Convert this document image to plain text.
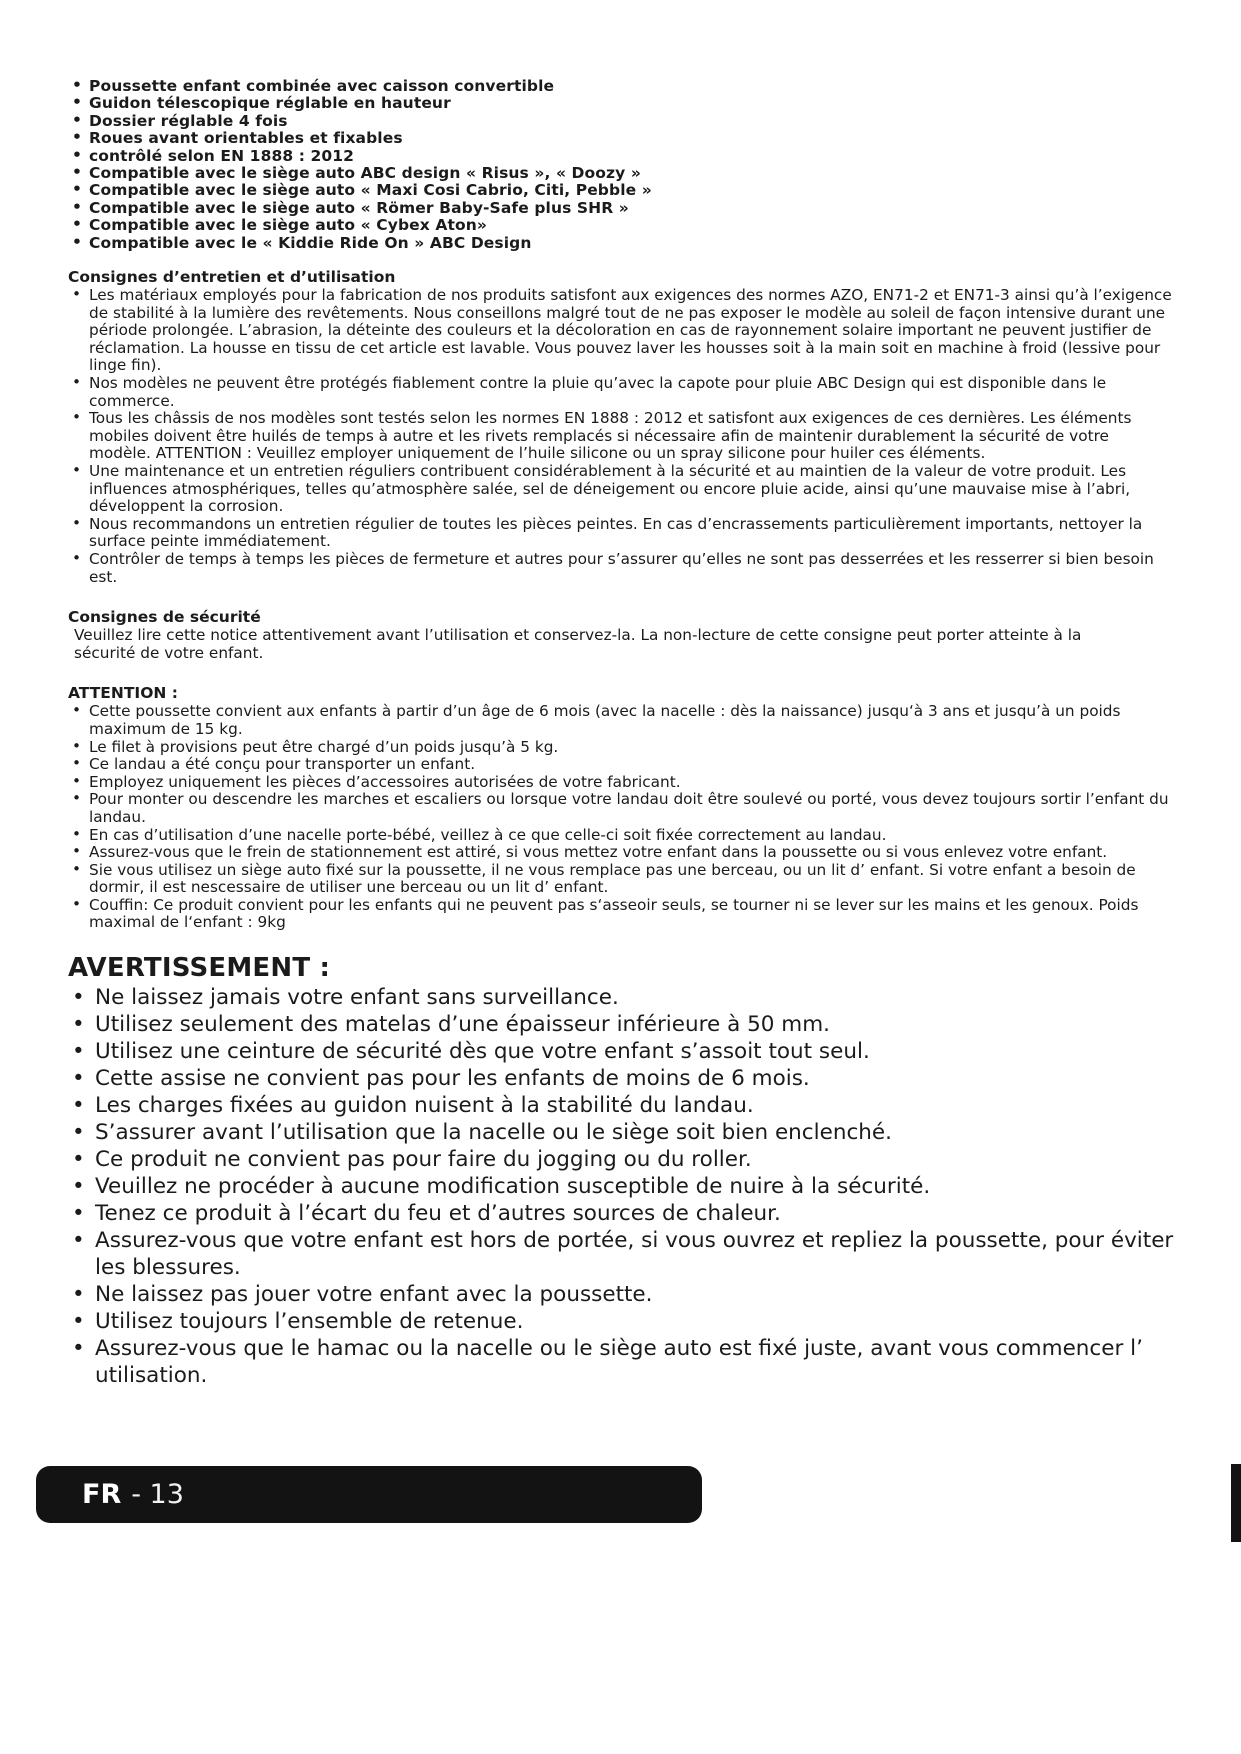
• Poussette enfant combinée avec caisson convertible
• Guidon télescopique réglable en hauteur
• Dossier réglable 4 fois
• Roues avant orientables et fixables
• contrôlé selon EN 1888 : 2012
• Compatible avec le siège auto ABC design « Risus », « Doozy »
• Compatible avec le siège auto « Maxi Cosi Cabrio, Citi, Pebble »
• Compatible avec le siège auto « Römer Baby-Safe plus SHR »
• Compatible avec le siège auto « Cybex Aton»
• Compatible avec le « Kiddie Ride On » ABC Design
Consignes d’entretien et d’utilisation
• Les matériaux employés pour la fabrication de nos produits satisfont aux exigences des normes AZO, EN71-2 et EN71-3 ainsi qu’à l’exigence de stabilité à la lumière des revêtements. Nous conseillons malgré tout de ne pas exposer le modèle au soleil de façon intensive durant une période prolongée. L’abrasion, la déteinte des couleurs et la décoloration en cas de rayonnement solaire important ne peuvent justifier de réclamation. La housse en tissu de cet article est lavable. Vous pouvez laver les housses soit à la main soit en machine à froid (lessive pour linge fin).
• Nos modèles ne peuvent être protégés fiablement contre la pluie qu’avec la capote pour pluie ABC Design qui est disponible dans le commerce.
• Tous les châssis de nos modèles sont testés selon les normes EN 1888 : 2012 et satisfont aux exigences de ces dernières. Les éléments mobiles doivent être huilés de temps à autre et les rivets remplacés si nécessaire afin de maintenir durablement la sécurité de votre modèle. ATTENTION : Veuillez employer uniquement de l’huile silicone ou un spray silicone pour huiler ces éléments.
• Une maintenance et un entretien réguliers contribuent considérablement à la sécurité et au maintien de la valeur de votre produit. Les influences atmosphériques, telles qu’atmosphère salée, sel de déneigement ou encore pluie acide, ainsi qu’une mauvaise mise à l’abri, développent la corrosion.
• Nous recommandons un entretien régulier de toutes les pièces peintes. En cas d’encrassements particulièrement importants, nettoyer la surface peinte immédiatement.
• Contrôler de temps à temps les pièces de fermeture et autres pour s’assurer qu’elles ne sont pas desserrées et les resserrer si bien besoin est.
Consignes de sécurité

Veuillez lire cette notice attentivement avant l’utilisation et conservez-la. La non-lecture de cette consigne peut porter atteinte à la sécurité de votre enfant.

ATTENTION :
• Cette poussette convient aux enfants à partir d’un âge de 6 mois (avec la nacelle : dès la naissance) jusqu‘à 3 ans et jusqu’à un poids maximum de 15 kg.
• Le filet à provisions peut être chargé d’un poids jusqu’à 5 kg.
• Ce landau a été conçu pour transporter un enfant.
• Employez uniquement les pièces d’accessoires autorisées de votre fabricant.
• Pour monter ou descendre les marches et escaliers ou lorsque votre landau doit être soulevé ou porté, vous devez toujours sortir l’enfant du landau.
• En cas d’utilisation d’une nacelle porte-bébé, veillez à ce que celle-ci soit fixée correctement au landau.
• Assurez-vous que le frein de stationnement est attiré, si vous mettez votre enfant dans la poussette ou si vous enlevez votre enfant.
• Sie vous utilisez un siège auto fixé sur la poussette, il ne vous remplace pas une berceau, ou un lit d’ enfant. Si votre enfant a besoin de dormir, il est nescessaire de utiliser une berceau ou un lit d’ enfant.
• Couffin: Ce produit convient pour les enfants qui ne peuvent pas s‘asseoir seuls, se tourner ni se lever sur les mains et les genoux. Poids maximal de l‘enfant : 9kg
AVERTISSEMENT :
• Ne laissez jamais votre enfant sans surveillance.
• Utilisez seulement des matelas d’une épaisseur inférieure à 50 mm.
• Utilisez une ceinture de sécurité dès que votre enfant s’assoit tout seul.
• Cette assise ne convient pas pour les enfants de moins de 6 mois.
• Les charges fixées au guidon nuisent à la stabilité du landau.
• S’assurer avant l’utilisation que la nacelle ou le siège soit bien enclenché.
• Ce produit ne convient pas pour faire du jogging ou du roller.
• Veuillez ne procéder à aucune modification susceptible de nuire à la sécurité.
• Tenez ce produit à l’écart du feu et d’autres sources de chaleur.
• Assurez-vous que votre enfant est hors de portée, si vous ouvrez et repliez la poussette, pour éviter les blessures.
• Ne laissez pas jouer votre enfant avec la poussette.
• Utilisez toujours l’ensemble de retenue.
• Assurez-vous que le hamac ou la nacelle ou le siège auto est fixé juste, avant vous commencer l’ utilisation.
FR - 13
